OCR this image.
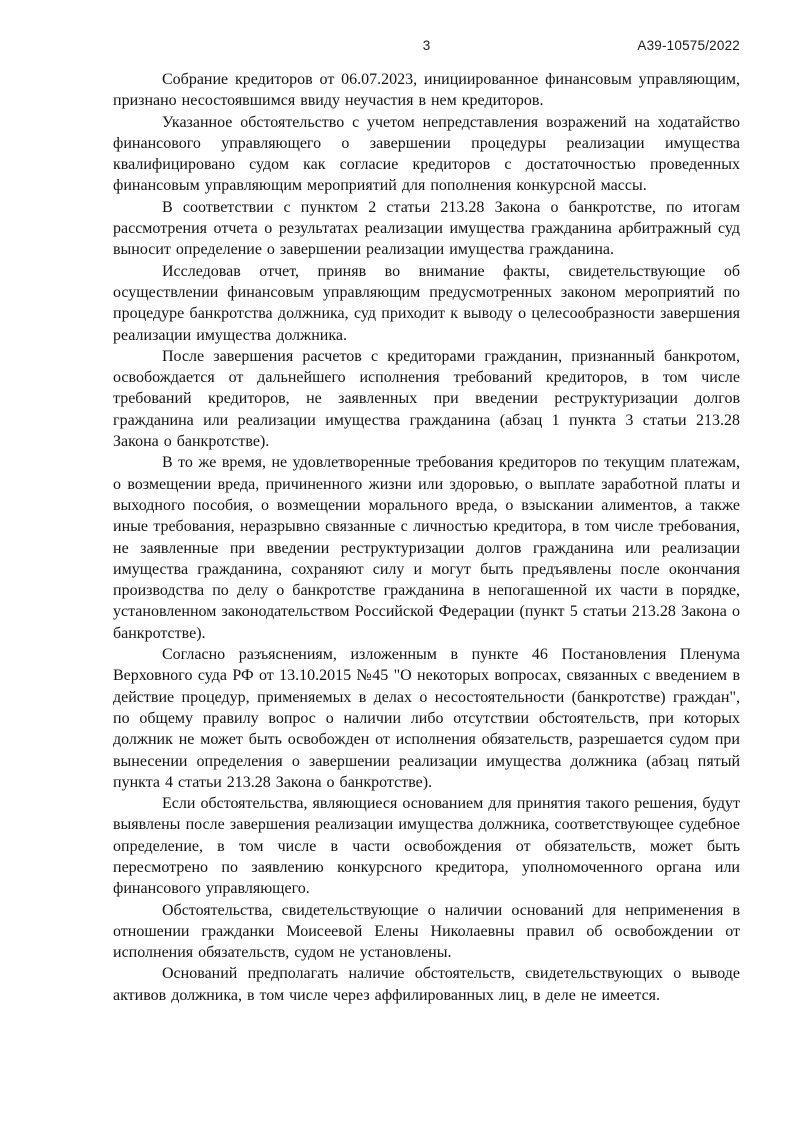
3	А39-10575/2022

Собрание кредиторов от 06.07.2023, инициированное финансовым управляющим, признано несостоявшимся ввиду неучастия в нем кредиторов.

Указанное обстоятельство с учетом непредставления возражений на ходатайство финансового управляющего о завершении процедуры реализации имущества квалифицировано судом как согласие кредиторов с достаточностью проведенных финансовым управляющим мероприятий для пополнения конкурсной массы.

В соответствии с пунктом 2 статьи 213.28 Закона о банкротстве, по итогам рассмотрения отчета о результатах реализации имущества гражданина арбитражный суд выносит определение о завершении реализации имущества гражданина.

Исследовав отчет, приняв во внимание факты, свидетельствующие об осуществлении финансовым управляющим предусмотренных законом мероприятий по процедуре банкротства должника, суд приходит к выводу о целесообразности завершения реализации имущества должника.

После завершения расчетов с кредиторами гражданин, признанный банкротом, освобождается от дальнейшего исполнения требований кредиторов, в том числе требований кредиторов, не заявленных при введении реструктуризации долгов гражданина или реализации имущества гражданина (абзац 1 пункта 3 статьи 213.28 Закона о банкротстве).

В то же время, не удовлетворенные требования кредиторов по текущим платежам, о возмещении вреда, причиненного жизни или здоровью, о выплате заработной платы и выходного пособия, о возмещении морального вреда, о взыскании алиментов, а также иные требования, неразрывно связанные с личностью кредитора, в том числе требования, не заявленные при введении реструктуризации долгов гражданина или реализации имущества гражданина, сохраняют силу и могут быть предъявлены после окончания производства по делу о банкротстве гражданина в непогашенной их части в порядке, установленном законодательством Российской Федерации (пункт 5 статьи 213.28 Закона о банкротстве).

Согласно разъяснениям, изложенным в пункте 46 Постановления Пленума Верховного суда РФ от 13.10.2015 №45 "О некоторых вопросах, связанных с введением в действие процедур, применяемых в делах о несостоятельности (банкротстве) граждан", по общему правилу вопрос о наличии либо отсутствии обстоятельств, при которых должник не может быть освобожден от исполнения обязательств, разрешается судом при вынесении определения о завершении реализации имущества должника (абзац пятый пункта 4 статьи 213.28 Закона о банкротстве).

Если обстоятельства, являющиеся основанием для принятия такого решения, будут выявлены после завершения реализации имущества должника, соответствующее судебное определение, в том числе в части освобождения от обязательств, может быть пересмотрено по заявлению конкурсного кредитора, уполномоченного органа или финансового управляющего.

Обстоятельства, свидетельствующие о наличии оснований для неприменения в отношении гражданки Моисеевой Елены Николаевны правил об освобождении от исполнения обязательств, судом не установлены.

Оснований предполагать наличие обстоятельств, свидетельствующих о выводе активов должника, в том числе через аффилированных лиц, в деле не имеется.
